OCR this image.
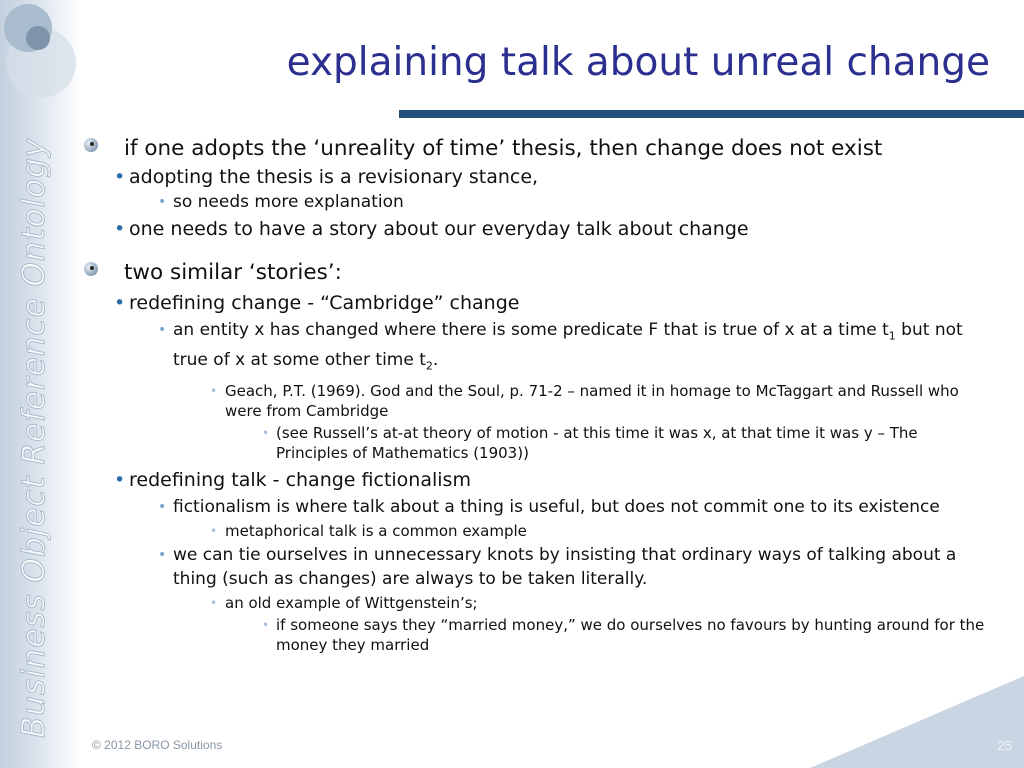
Business Object Reference Ontology
explaining talk about unreal change
if one adopts the ‘unreality of time’ thesis, then change does not exist
• adopting the thesis is a revisionary stance,
• so needs more explanation
• one needs to have a story about our everyday talk about change
two similar ‘stories’:
• redefining change - “Cambridge” change
• an entity x has changed where there is some predicate F that is true of x at a time $t_1$ but not true of x at some other time $t_2$.
• Geach, P.T. (1969). God and the Soul, p. 71-2 – named it in homage to McTaggart and Russell who were from Cambridge
• (see Russell’s at-at theory of motion - at this time it was x, at that time it was y – The Principles of Mathematics (1903))
• redefining talk - change fictionalism
• fictionalism is where talk about a thing is useful, but does not commit one to its existence
• metaphorical talk is a common example
• we can tie ourselves in unnecessary knots by insisting that ordinary ways of talking about a thing (such as changes) are always to be taken literally.
• an old example of Wittgenstein’s;
• if someone says they “married money,” we do ourselves no favours by hunting around for the money they married
© 2012 BORO Solutions	25
